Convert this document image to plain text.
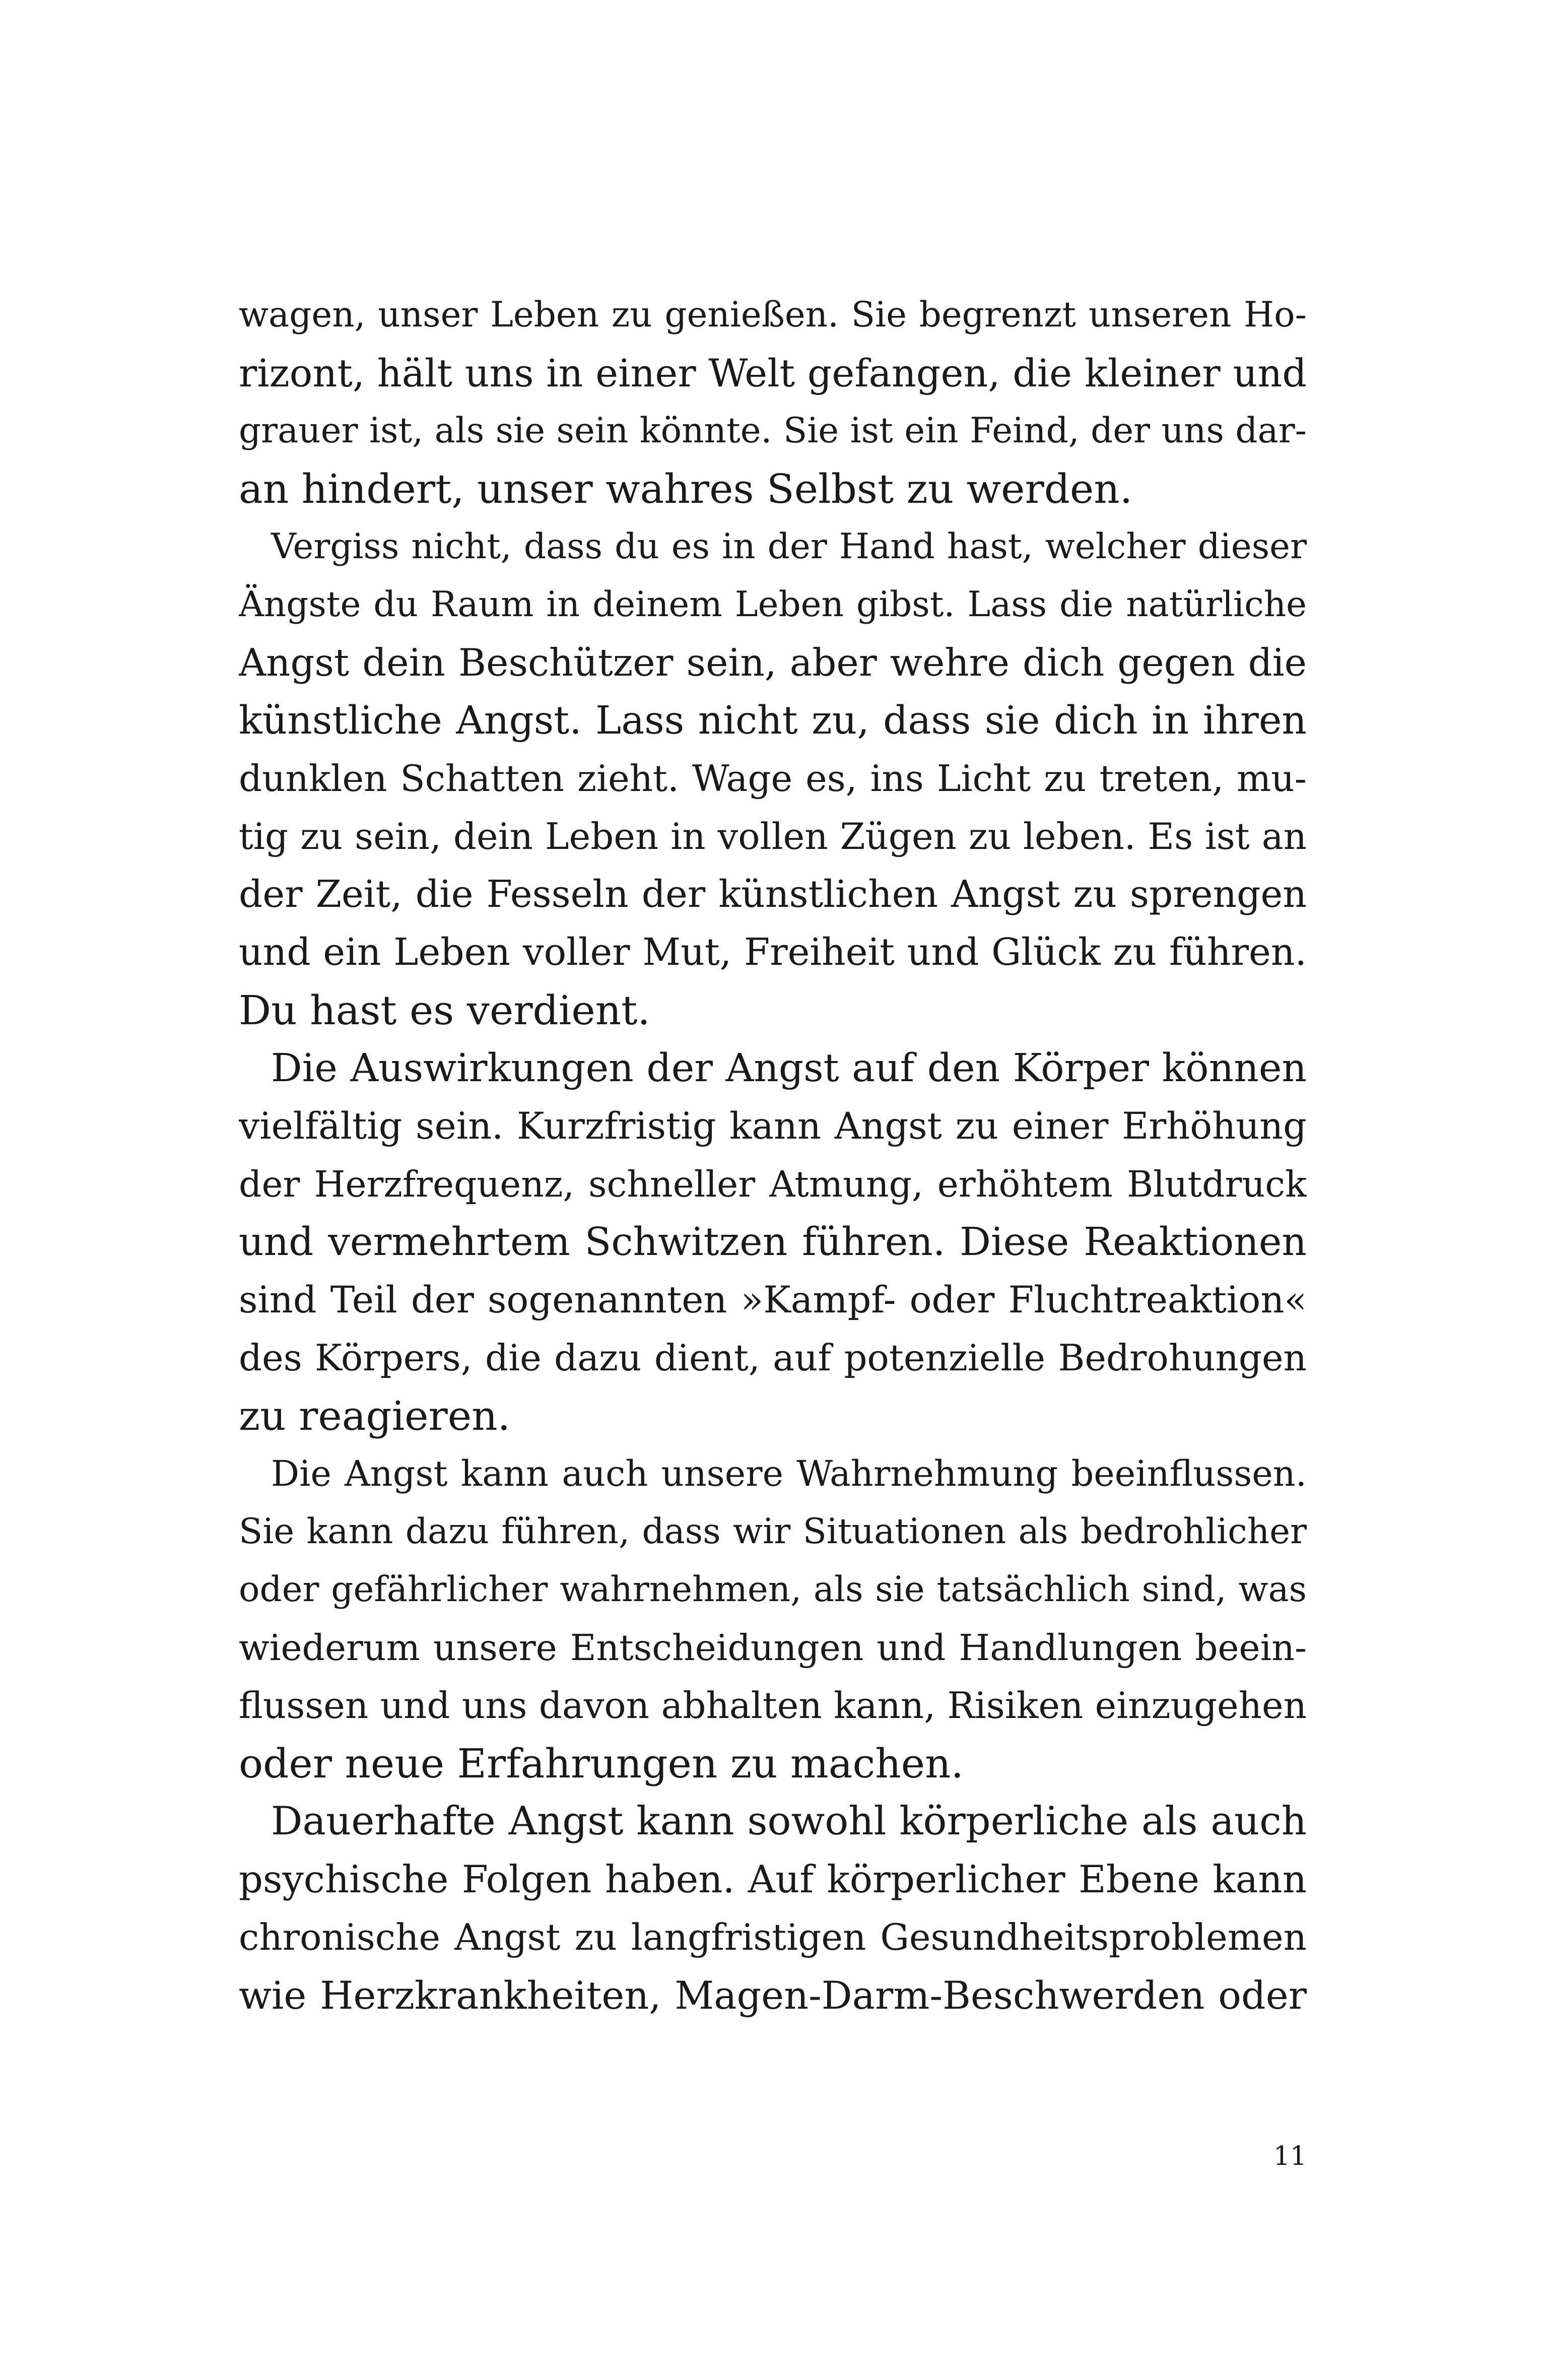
wagen, unser Leben zu genießen. Sie begrenzt unseren Ho-
rizont, hält uns in einer Welt gefangen, die kleiner und
grauer ist, als sie sein könnte. Sie ist ein Feind, der uns dar-
an hindert, unser wahres Selbst zu werden.
Vergiss nicht, dass du es in der Hand hast, welcher dieser
Ängste du Raum in deinem Leben gibst. Lass die natürliche
Angst dein Beschützer sein, aber wehre dich gegen die
künstliche Angst. Lass nicht zu, dass sie dich in ihren
dunklen Schatten zieht. Wage es, ins Licht zu treten, mu-
tig zu sein, dein Leben in vollen Zügen zu leben. Es ist an
der Zeit, die Fesseln der künstlichen Angst zu sprengen
und ein Leben voller Mut, Freiheit und Glück zu führen.
Du hast es verdient.
Die Auswirkungen der Angst auf den Körper können
vielfältig sein. Kurzfristig kann Angst zu einer Erhöhung
der Herzfrequenz, schneller Atmung, erhöhtem Blutdruck
und vermehrtem Schwitzen führen. Diese Reaktionen
sind Teil der sogenannten »Kampf- oder Fluchtreaktion«
des Körpers, die dazu dient, auf potenzielle Bedrohungen
zu reagieren.
Die Angst kann auch unsere Wahrnehmung beeinflussen.
Sie kann dazu führen, dass wir Situationen als bedrohlicher
oder gefährlicher wahrnehmen, als sie tatsächlich sind, was
wiederum unsere Entscheidungen und Handlungen beein-
flussen und uns davon abhalten kann, Risiken einzugehen
oder neue Erfahrungen zu machen.
Dauerhafte Angst kann sowohl körperliche als auch
psychische Folgen haben. Auf körperlicher Ebene kann
chronische Angst zu langfristigen Gesundheitsproblemen
wie Herzkrankheiten, Magen-Darm-Beschwerden oder
11
